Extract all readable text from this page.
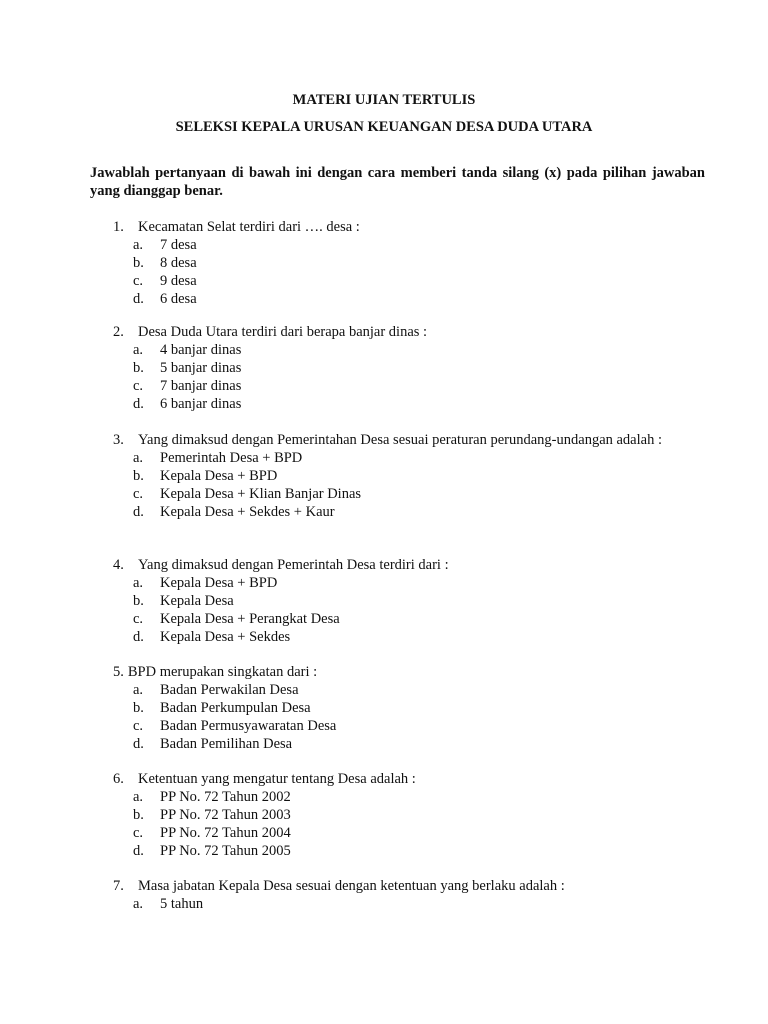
MATERI UJIAN TERTULIS
SELEKSI KEPALA URUSAN KEUANGAN DESA DUDA UTARA
Jawablah pertanyaan di bawah ini dengan cara memberi tanda silang (x) pada pilihan jawaban yang dianggap benar.
1. Kecamatan Selat terdiri dari …. desa :
a.	7 desa
b.	8 desa
c.	9 desa
d.	6 desa
2. Desa Duda Utara terdiri dari berapa banjar dinas :
a.	4 banjar dinas
b.	5 banjar dinas
c.	7 banjar dinas
d.	6 banjar dinas
3. Yang dimaksud dengan Pemerintahan Desa sesuai peraturan perundang-undangan adalah :
a.	Pemerintah Desa + BPD
b.	Kepala Desa + BPD
c.	Kepala Desa + Klian Banjar Dinas
d.	Kepala Desa + Sekdes + Kaur
4. Yang dimaksud dengan Pemerintah Desa terdiri dari :
a.	Kepala Desa + BPD
b.	Kepala Desa
c.	Kepala Desa + Perangkat Desa
d.	Kepala Desa + Sekdes
5. BPD merupakan singkatan dari :
a.	Badan Perwakilan Desa
b.	Badan Perkumpulan Desa
c.	Badan Permusyawaratan Desa
d.	Badan Pemilihan Desa
6. Ketentuan yang mengatur tentang Desa adalah :
a.	PP No. 72 Tahun 2002
b.	PP No. 72 Tahun 2003
c.	PP No. 72 Tahun 2004
d.	PP No. 72 Tahun 2005
7. Masa jabatan Kepala Desa sesuai dengan ketentuan yang berlaku adalah :
a.	5 tahun
